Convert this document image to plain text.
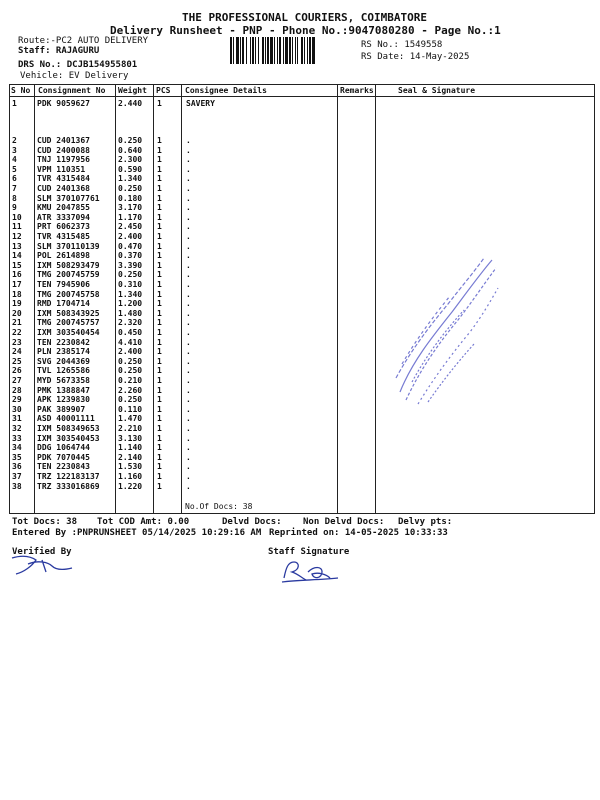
THE PROFESSIONAL COURIERS, COIMBATORE
Delivery Runsheet - PNP - Phone No.:9047080280 - Page No.:1
Route:-PC2 AUTO DELIVERY
Staff: RAJAGURU
DRS No.: DCJB154955801
Vehicle: EV Delivery
RS No.: 1549558
RS Date: 14-May-2025
S No Consignment No Weight PCS Consignee Details	Remarks	Seal & Signature
1	PDK 9059627	2.440 1	SAVERY
2	CUD 2401367	0.250 1	.
3	CUD 2400088	0.640 1	.
4	TNJ 1197956	2.300 1	.
5	VPM 110351	0.590 1	.
6	TVR 4315484	1.340 1	.
7	CUD 2401368	0.250 1	.
8	SLM 370107761 0.180 1	.
9	KMU 2047855	3.170 1	.
10 ATR 3337094	1.170 1	.
11 PRT 6062373	2.450 1	.
12 TVR 4315485	2.400 1	.
13 SLM 370110139 0.470 1	.
14 POL 2614898	0.370 1	.
15 IXM 508293479 3.390 1	.
16 TMG 200745759 0.250 1	.
17 TEN 7945906	0.310 1	.
18 TMG 200745758 1.340 1	.
19 RMD 1704714	1.200 1	.
20 IXM 508343925 1.480 1	.
21 TMG 200745757 2.320 1	.
22 IXM 303540454 0.450 1	.
23 TEN 2230842	4.410 1	.
24 PLN 2385174	2.400 1	.
25 SVG 2044369	0.250 1	.
26 TVL 1265586	0.250 1	.
27 MYD 5673358	0.210 1	.
28 PMK 1388847	2.260 1	.
29 APK 1239830	0.250 1	.
30 PAK 389907	0.110 1	.
31 ASD 40001111	1.470 1	.
32 IXM 508349653 2.210 1	.
33 IXM 303540453 3.130 1	.
34 DDG 1064744	1.140 1	.
35 PDK 7070445	2.140 1	.
36 TEN 2230843	1.530 1	.
37 TRZ 122183137 1.160 1	.
38 TRZ 333016869 1.220 1	.
No.Of Docs: 38
Tot Docs: 38 Tot COD Amt: 0.00	Delvd Docs: Non Delvd Docs: Delvy pts:
Entered By :PNPRUNSHEET 05/14/2025 10:29:16 AM Reprinted on: 14-05-2025 10:33:33
Verified By	Staff Signature
